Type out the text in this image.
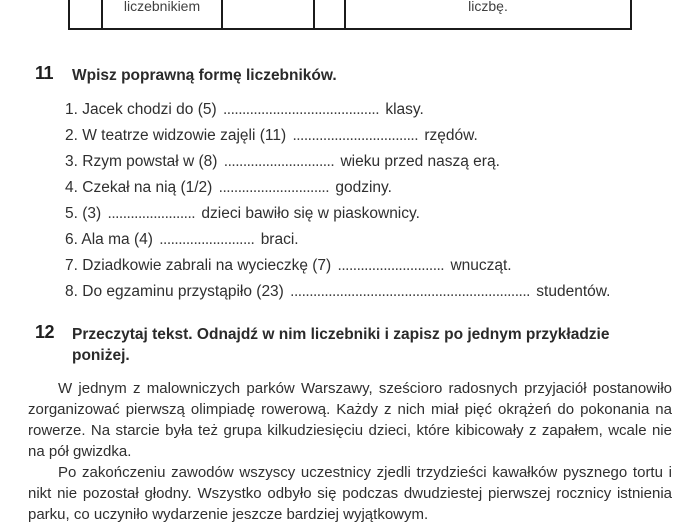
liczebnikiem	liczbę.
11	Wpisz poprawną formę liczebników.
1. Jacek chodzi do (5) ......................................... klasy.
2. W teatrze widzowie zajęli (11) ................................. rzędów.
3. Rzym powstał w (8) ............................. wieku przed naszą erą.
4. Czekał na nią (1/2) ............................. godziny.
5. (3) ....................... dzieci bawiło się w piaskownicy.
6. Ala ma (4) ......................... braci.
7. Dziadkowie zabrali na wycieczkę (7) ............................ wnucząt.
8. Do egzaminu przystąpiło (23) ............................................................... studentów.
12	Przeczytaj tekst. Odnajdź w nim liczebniki i zapisz po jednym przykładzie
poniżej.

W jednym z malowniczych parków Warszawy, sześcioro radosnych przyjaciół postanowiło zorganizować pierwszą olimpiadę rowerową. Każdy z nich miał pięć okrążeń do pokonania na rowerze. Na starcie była też grupa kilkudziesięciu dzieci, które kibicowały z zapałem, wcale nie na pół gwizdka.

Po zakończeniu zawodów wszyscy uczestnicy zjedli trzydzieści kawałków pysznego tortu i nikt nie pozostał głodny. Wszystko odbyło się podczas dwudziestej pierwszej rocznicy istnienia parku, co uczyniło wydarzenie jeszcze bardziej wyjątkowym.
